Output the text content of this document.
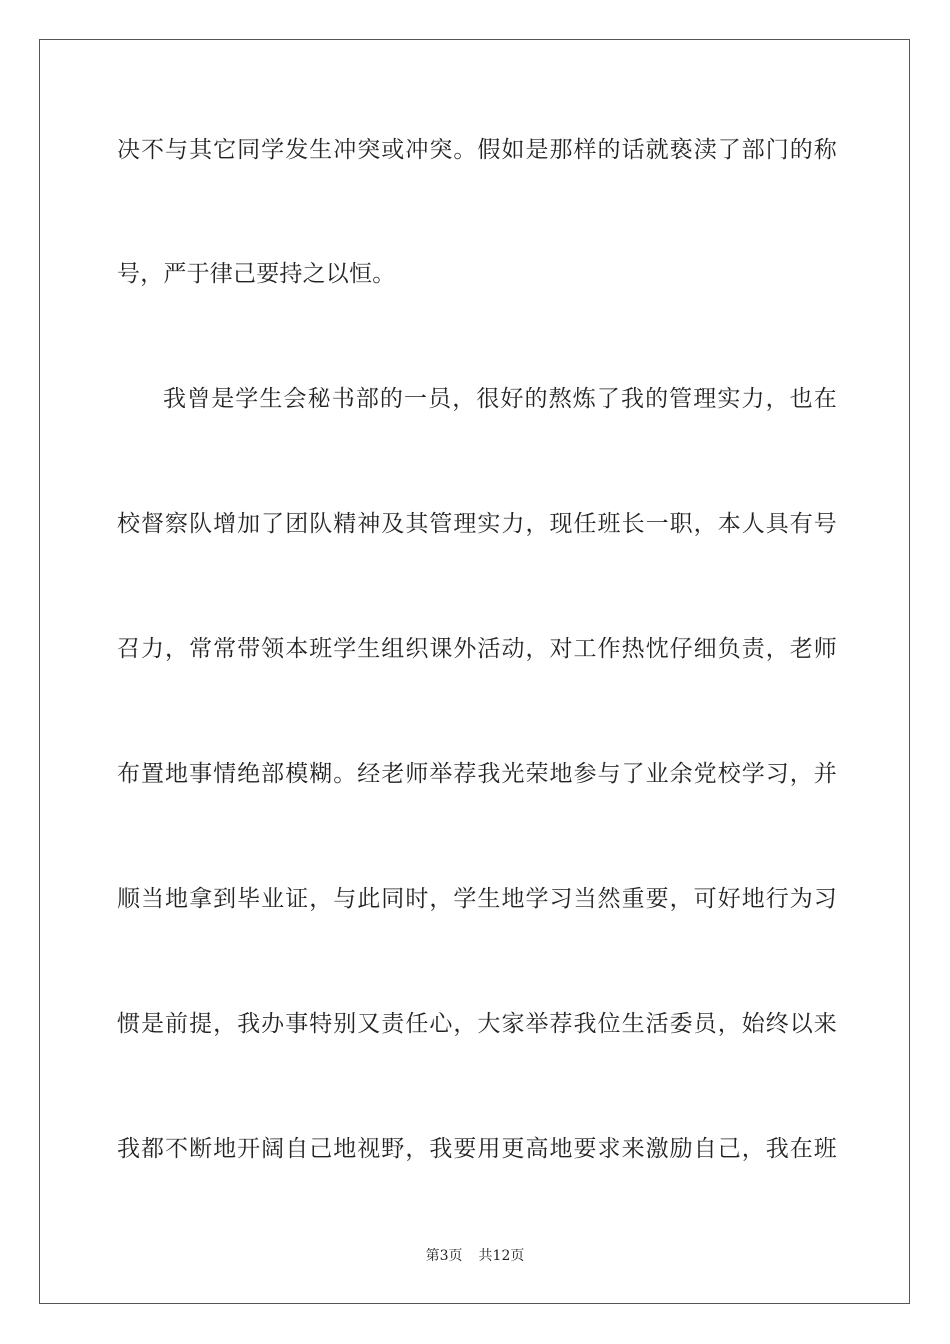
决不与其它同学发生冲突或冲突。假如是那样的话就亵渎了部门的称
号，严于律己要持之以恒。
我曾是学生会秘书部的一员，很好的熬炼了我的管理实力，也在
校督察队增加了团队精神及其管理实力，现任班长一职，本人具有号
召力，常常带领本班学生组织课外活动，对工作热忱仔细负责，老师
布置地事情绝部模糊。经老师举荐我光荣地参与了业余党校学习，并
顺当地拿到毕业证，与此同时，学生地学习当然重要，可好地行为习
惯是前提，我办事特别又责任心，大家举荐我位生活委员，始终以来
我都不断地开阔自己地视野，我要用更高地要求来激励自己，我在班
第3页 共12页
